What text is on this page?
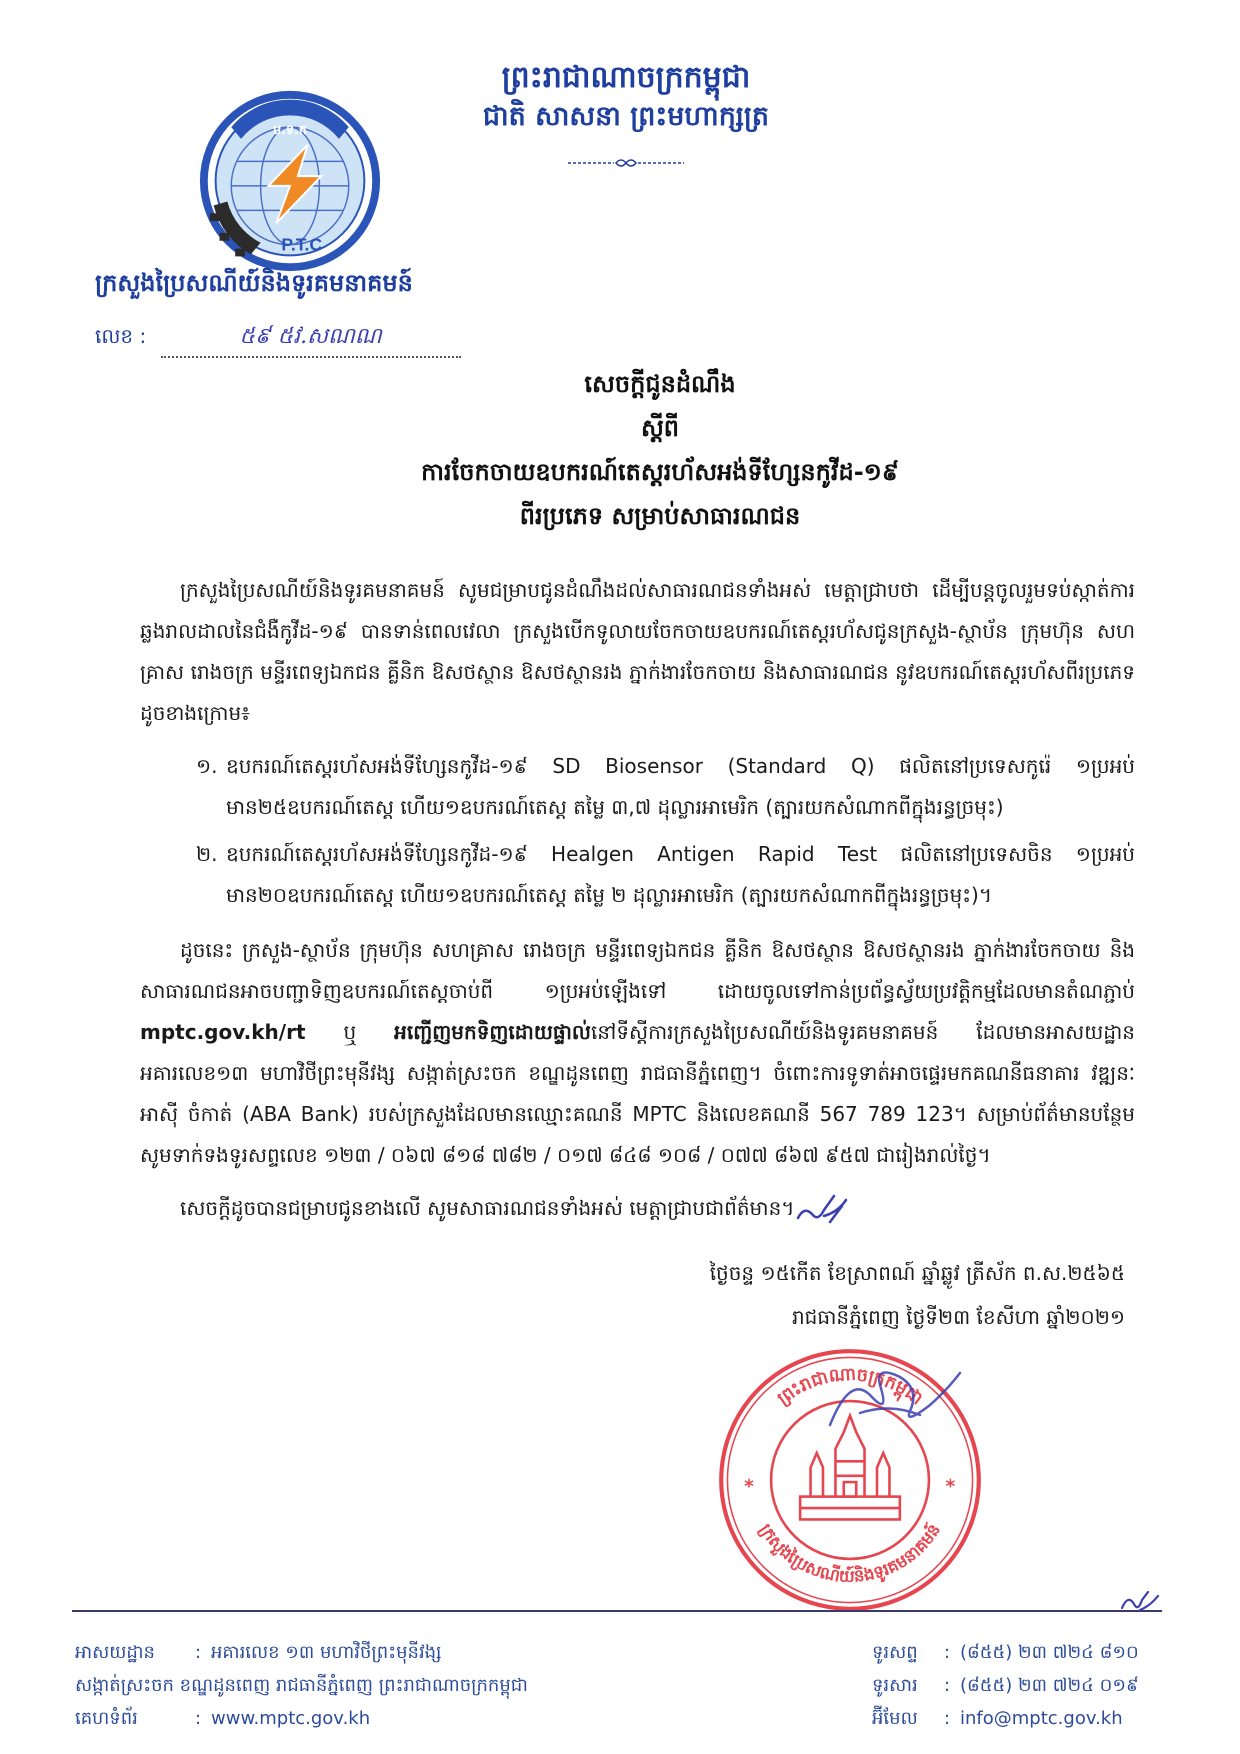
ព្រះរាជាណាចក្រកម្ពុជា
ជាតិ សាសនា ព្រះមហាក្សត្រ
ប.ទ.ក
P.T.C
ក្រសួងប្រៃសណីយ៍និងទូរគមនាគមន៍
លេខ :	៥៩ ៥វ.សណណ
សេចក្តីជូនដំណឹង
ស្តីពី
ការចែកចាយឧបករណ៍តេស្តរហ័សអង់ទីហ្សែនកូវីដ-១៩
ពីរប្រភេទ សម្រាប់សាធារណជន

ក្រសួងប្រៃសណីយ៍និងទូរគមនាគមន៍ សូមជម្រាបជូនដំណឹងដល់សាធារណជនទាំងអស់ មេត្តាជ្រាបថា ដើម្បីបន្តចូលរួមទប់ស្កាត់ការឆ្លងរាលដាលនៃជំងឺកូវីដ-១៩ បានទាន់ពេលវេលា ក្រសួងបើកទូលាយចែកចាយឧបករណ៍តេស្តរហ័សជូនក្រសួង-ស្ថាប័ន ក្រុមហ៊ុន សហគ្រាស រោងចក្រ មន្ទីរពេទ្យឯកជន គ្លីនិក ឱសថស្ថាន ឱសថស្ថានរង ភ្នាក់ងារចែកចាយ និងសាធារណជន នូវឧបករណ៍តេស្តរហ័សពីរប្រភេទដូចខាងក្រោម៖

១. ឧបករណ៍តេស្តរហ័សអង់ទីហ្សែនកូវីដ-១៩ SD Biosensor (Standard Q) ផលិតនៅប្រទេសកូរ៉េ ១ប្រអប់ មាន២៥ឧបករណ៍តេស្ត ហើយ១ឧបករណ៍តេស្ត តម្លៃ ៣,៧ ដុល្លារអាមេរិក (ត្បារយកសំណាកពីក្នុងរន្ធច្រមុះ)
២. ឧបករណ៍តេស្តរហ័សអង់ទីហ្សែនកូវីដ-១៩ Healgen Antigen Rapid Test ផលិតនៅប្រទេសចិន ១ប្រអប់ មាន២០ឧបករណ៍តេស្ត ហើយ១ឧបករណ៍តេស្ត តម្លៃ ២ ដុល្លារអាមេរិក (ត្បារយកសំណាកពីក្នុងរន្ធច្រមុះ)។

ដូចនេះ ក្រសួង-ស្ថាប័ន ក្រុមហ៊ុន សហគ្រាស រោងចក្រ មន្ទីរពេទ្យឯកជន គ្លីនិក ឱសថស្ថាន ឱសថស្ថានរង ភ្នាក់ងារចែកចាយ និងសាធារណជនអាចបញ្ជាទិញឧបករណ៍តេស្តចាប់ពី ១ប្រអប់ឡើងទៅ ដោយចូលទៅកាន់ប្រព័ន្ធស្វ័យប្រវត្តិកម្មដែលមានតំណភ្ជាប់ mptc.gov.kh/rt ឬ អញ្ជើញមកទិញដោយផ្ទាល់នៅទីស្តីការក្រសួងប្រៃសណីយ៍និងទូរគមនាគមន៍ ដែលមានអាសយដ្ឋាន អគារលេខ១៣ មហាវិថីព្រះមុនីវង្ស សង្កាត់ស្រះចក ខណ្ឌដូនពេញ រាជធានីភ្នំពេញ។ ចំពោះការទូទាត់អាចផ្ទេរមកគណនីធនាគារ វឌ្ឍនៈ អាស៊ី ចំកាត់ (ABA Bank) របស់ក្រសួងដែលមានឈ្មោះគណនី MPTC និងលេខគណនី 567 789 123។ សម្រាប់ព័ត៌មានបន្ថែម សូមទាក់ទងទូរសព្ទលេខ ១២៣ / ០៦៧ ៨១៨ ៧៨២ / ០១៧ ៨៤៨ ១០៨ / ០៧៧ ៨៦៧ ៩៥៧ ជារៀងរាល់ថ្ងៃ។

សេចក្តីដូចបានជម្រាបជូនខាងលើ សូមសាធារណជនទាំងអស់ មេត្តាជ្រាបជាព័ត៌មាន។

ថ្ងៃចន្ទ ១៥កើត ខែស្រាពណ៍ ឆ្នាំឆ្លូវ ត្រីស័ក ព.ស.២៥៦៥
រាជធានីភ្នំពេញ ថ្ងៃទី២៣ ខែសីហា ឆ្នាំ២០២១
ព្រះរាជាណាចក្រកម្ពុជា
ក្រសួងប្រៃសណីយ៍និងទូរគមនាគមន៍
*	*
អាសយដ្ឋាន : អគារលេខ ១៣ មហាវិថីព្រះមុនីវង្ស
សង្កាត់ស្រះចក ខណ្ឌដូនពេញ រាជធានីភ្នំពេញ ព្រះរាជាណាចក្រកម្ពុជា
គេហទំព័រ	: www.mptc.gov.kh
ទូរសព្ទ : (៨៥៥) ២៣ ៧២៤ ៨១០
ទូរសារ : (៨៥៥) ២៣ ៧២៤ ០១៩
អ៊ីមែល : info@mptc.gov.kh
